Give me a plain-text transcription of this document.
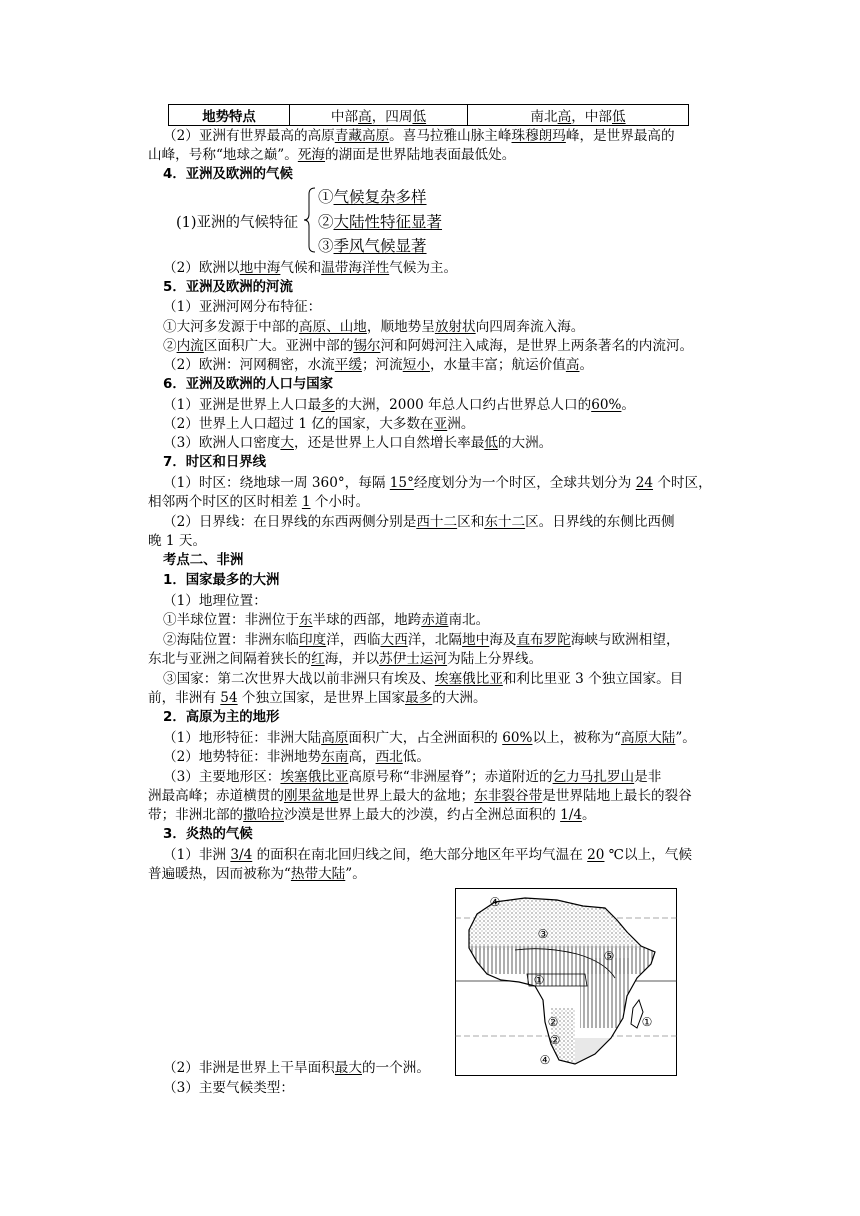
地势特点	中部高，四周低	南北高，中部低
（2）亚洲有世界最高的高原青藏高原。喜马拉雅山脉主峰珠穆朗玛峰，是世界最高的
山峰，号称“地球之巅”。死海的湖面是世界陆地表面最低处。
4．亚洲及欧洲的气候
(1)亚洲的气候特征
①气候复杂多样
②大陆性特征显著
③季风气候显著
（2）欧洲以地中海气候和温带海洋性气候为主。
5．亚洲及欧洲的河流
（1）亚洲河网分布特征：
①大河多发源于中部的高原、山地，顺地势呈放射状向四周奔流入海。
②内流区面积广大。亚洲中部的锡尔河和阿姆河注入咸海，是世界上两条著名的内流河。
（2）欧洲：河网稠密，水流平缓；河流短小，水量丰富；航运价值高。
6．亚洲及欧洲的人口与国家
（1）亚洲是世界上人口最多的大洲，2000 年总人口约占世界总人口的60%。
（2）世界上人口超过 1 亿的国家，大多数在亚洲。
（3）欧洲人口密度大，还是世界上人口自然增长率最低的大洲。
7．时区和日界线
（1）时区：绕地球一周 360°，每隔 15°经度划分为一个时区，全球共划分为 24 个时区，
相邻两个时区的区时相差 1 个小时。
（2）日界线：在日界线的东西两侧分别是西十二区和东十二区。日界线的东侧比西侧
晚 1 天。
考点二、非洲
1．国家最多的大洲
（1）地理位置：
①半球位置：非洲位于东半球的西部，地跨赤道南北。
②海陆位置：非洲东临印度洋，西临大西洋，北隔地中海及直布罗陀海峡与欧洲相望，
东北与亚洲之间隔着狭长的红海，并以苏伊士运河为陆上分界线。
③国家：第二次世界大战以前非洲只有埃及、埃塞俄比亚和利比里亚 3 个独立国家。目
前，非洲有 54 个独立国家，是世界上国家最多的大洲。
2．高原为主的地形
（1）地形特征：非洲大陆高原面积广大，占全洲面积的 60%以上，被称为“高原大陆”。
（2）地势特征：非洲地势东南高，西北低。
（3）主要地形区：埃塞俄比亚高原号称“非洲屋脊”；赤道附近的乞力马扎罗山是非
洲最高峰；赤道横贯的刚果盆地是世界上最大的盆地；东非裂谷带是世界陆地上最长的裂谷
带；非洲北部的撒哈拉沙漠是世界上最大的沙漠，约占全洲总面积的 1/4。
3．炎热的气候
（1）非洲 3/4 的面积在南北回归线之间，绝大部分地区年平均气温在 20 ℃以上，气候
普遍暖热，因而被称为“热带大陆”。
④
③
⑤
①
②
②
①
④
（2）非洲是世界上干旱面积最大的一个洲。
（3）主要气候类型：
